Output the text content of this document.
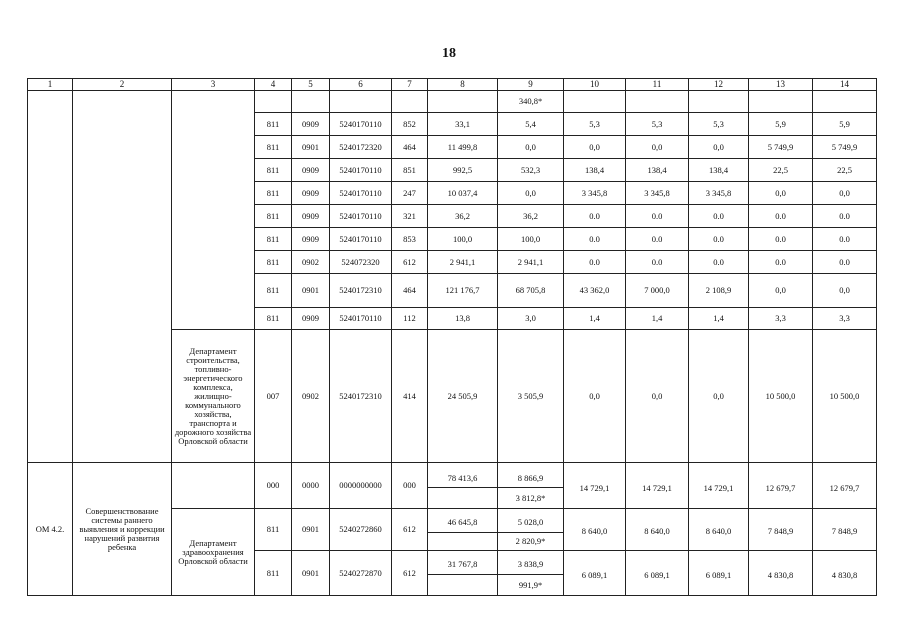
18
1	2	3	4	5	6	7	8	9	10	11	12	13	14
								340,8*					
			811	0909	5240170110	852	33,1	5,4	5,3	5,3	5,3	5,9	5,9
			811	0901	5240172320	464	11 499,8	0,0	0,0	0,0	0,0	5 749,9	5 749,9
			811	0909	5240170110	851	992,5	532,3	138,4	138,4	138,4	22,5	22,5
			811	0909	5240170110	247	10 037,4	0,0	3 345,8	3 345,8	3 345,8	0,0	0,0
			811	0909	5240170110	321	36,2	36,2	0.0	0.0	0.0	0.0	0.0
			811	0909	5240170110	853	100,0	100,0	0.0	0.0	0.0	0.0	0.0
			811	0902	524072320	612	2 941,1	2 941,1	0.0	0.0	0.0	0.0	0.0
			811	0901	5240172310	464	121 176,7	68 705,8	43 362,0	7 000,0	2 108,9	0,0	0,0
			811	0909	5240170110	112	13,8	3,0	1,4	1,4	1,4	3,3	3,3
		Департамент строительства, топливно-энергетического комплекса, жилищно-коммунального хозяйства, транспорта и дорожного хозяйства Орловской области	007	0902	5240172310	414	24 505,9	3 505,9	0,0	0,0	0,0	10 500,0	10 500,0
ОМ 4.2.	Совершенствование системы раннего выявления и коррекции нарушений развития ребенка		000	0000	0000000000	000	78 413,6	8 866,9	14 729,1	14 729,1	14 729,1	12 679,7	12 679,7
								3 812,8*					
		Департамент здравоохранения Орловской области	811	0901	5240272860	612	46 645,8	5 028,0	8 640,0	8 640,0	8 640,0	7 848,9	7 848,9
								2 820,9*					
			811	0901	5240272870	612	31 767,8	3 838,9	6 089,1	6 089,1	6 089,1	4 830,8	4 830,8
								991,9*					
